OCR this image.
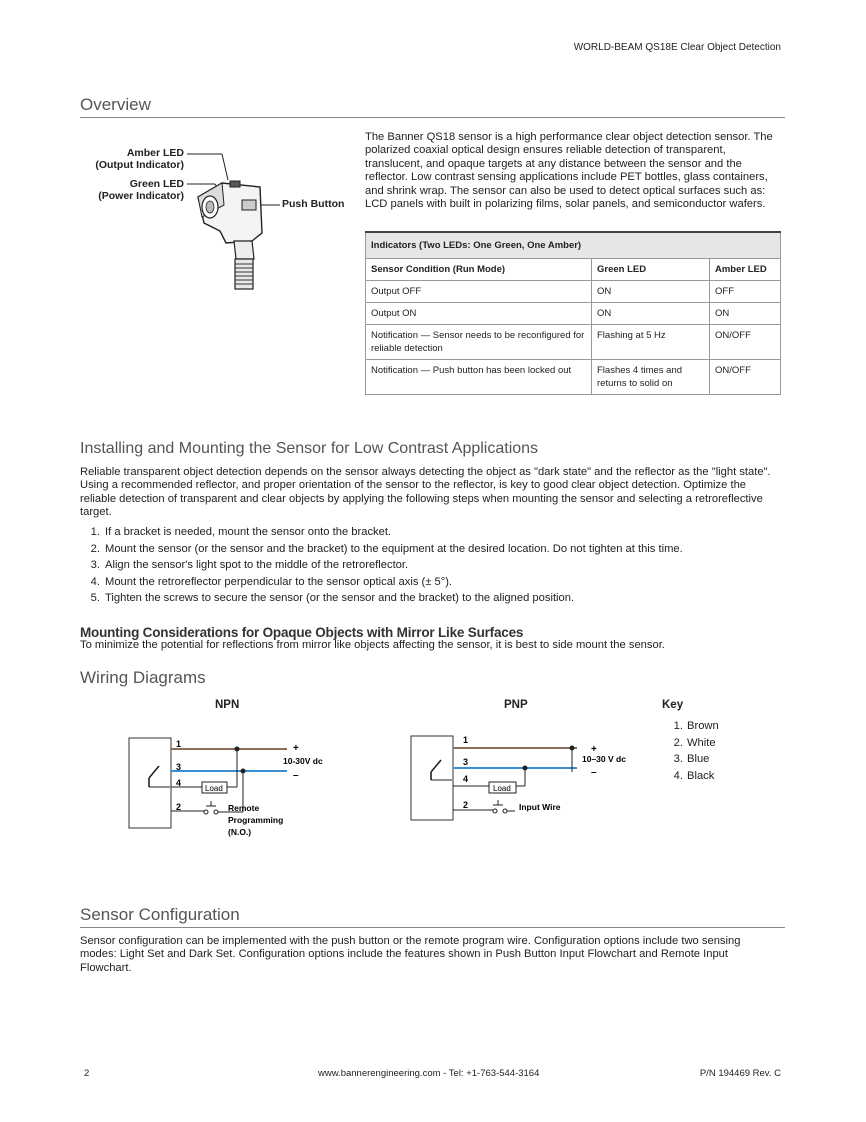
WORLD-BEAM QS18E Clear Object Detection
Overview
Amber LED
(Output Indicator)
Green LED
(Power Indicator)
Push Button
The Banner QS18 sensor is a high performance clear object detection sensor. The polarized coaxial optical design ensures reliable detection of transparent, translucent, and opaque targets at any distance between the sensor and the reflector. Low contrast sensing applications include PET bottles, glass containers, and shrink wrap. The sensor can also be used to detect optical surfaces such as: LCD panels with built in polarizing films, solar panels, and semiconductor wafers.
Indicators (Two LEDs: One Green, One Amber)		
Sensor Condition (Run Mode)	Green LED	Amber LED
Output OFF	ON	OFF
Output ON	ON	ON
Notification — Sensor needs to be reconfigured for reliable detection	Flashing at 5 Hz	ON/OFF
Notification — Push button has been locked out	Flashes 4 times and returns to solid on	ON/OFF
Installing and Mounting the Sensor for Low Contrast Applications
Reliable transparent object detection depends on the sensor always detecting the object as "dark state" and the reflector as the "light state". Using a recommended reflector, and proper orientation of the sensor to the reflector, is key to good clear object detection. Optimize the reliable detection of transparent and clear objects by applying the following steps when mounting the sensor and selecting a retroreflective target.
1. If a bracket is needed, mount the sensor onto the bracket.
2. Mount the sensor (or the sensor and the bracket) to the equipment at the desired location. Do not tighten at this time.
3. Align the sensor's light spot to the middle of the retroreflector.
4. Mount the retroreflector perpendicular to the sensor optical axis (± 5°).
5. Tighten the screws to secure the sensor (or the sensor and the bracket) to the aligned position.
Mounting Considerations for Opaque Objects with Mirror Like Surfaces
To minimize the potential for reflections from mirror like objects affecting the sensor, it is best to side mount the sensor.
Wiring Diagrams
NPN	PNP	Key
1
3
4
2
Load
+
10-30V dc
–
Remote
Programming
(N.O.)
1
3
4
2
Load
Input Wire
+
10–30 V dc
–
1. Brown
2. White
3. Blue
4. Black
Sensor Configuration
Sensor configuration can be implemented with the push button or the remote program wire. Configuration options include two sensing modes: Light Set and Dark Set. Configuration options include the features shown in Push Button Input Flowchart and Remote Input Flowchart.
2	www.bannerengineering.com - Tel: +1-763-544-3164	P/N 194469 Rev. C
